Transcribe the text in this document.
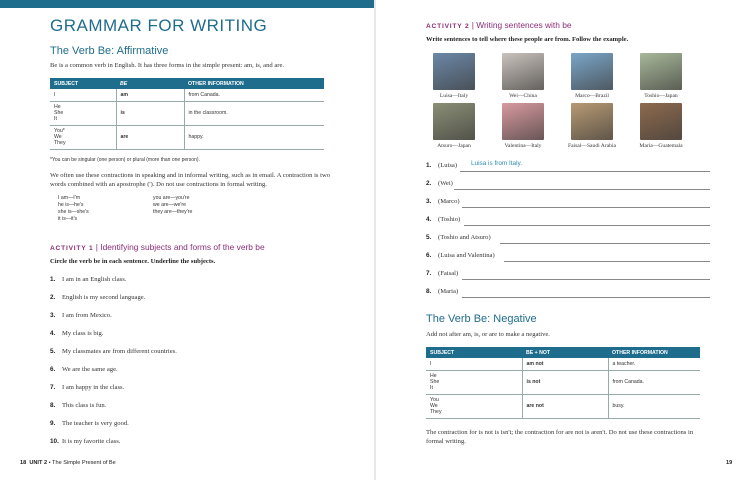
GRAMMAR FOR WRITING
The Verb Be: Affirmative
Be is a common verb in English. It has three forms in the simple present: am, is, and are.
SUBJECT	BE	OTHER INFORMATION

I	am	from Canada.

He
She
It	is	in the classroom.

You*
We
They	are	happy.
*You can be singular (one person) or plural (more than one person).
We often use these contractions in speaking and in informal writing, such as in email. A contraction is two words combined with an apostrophe ('). Do not use contractions in formal writing.
I am—I'm
he is—he's
she is—she's
it is—it's
you are—you're
we are—we're
they are—they're
ACTIVITY 1 | Identifying subjects and forms of the verb be
Circle the verb be in each sentence. Underline the subjects.
1. I am in an English class.
2. English is my second language.
3. I am from Mexico.
4. My class is big.
5. My classmates are from different countries.
6. We are the same age.
7. I am happy in the class.
8. This class is fun.
9. The teacher is very good.
10. It is my favorite class.
18 UNIT 2 • The Simple Present of Be
ACTIVITY 2 | Writing sentences with be
Write sentences to tell where these people are from. Follow the example.
Luisa—Italy	Wei—China	Marco—Brazil	Toshio—Japan
Atsuro—Japan	Valentina—Italy	Faisal—Saudi Arabia	Maria—Guatemala
1. (Luisa) Luisa is from Italy.
2. (Wei)
3. (Marco)
4. (Toshio)
5. (Toshio and Atsuro)
6. (Luisa and Valentina)
7. (Faisal)
8. (Maria)
The Verb Be: Negative
Add not after am, is, or are to make a negative.
SUBJECT	BE + NOT	OTHER INFORMATION

I	am not	a teacher.

He
She
It	is not	from Canada.

You
We
They	are not	busy.
The contraction for is not is isn't; the contraction for are not is aren't. Do not use these contractions in formal writing.
19
